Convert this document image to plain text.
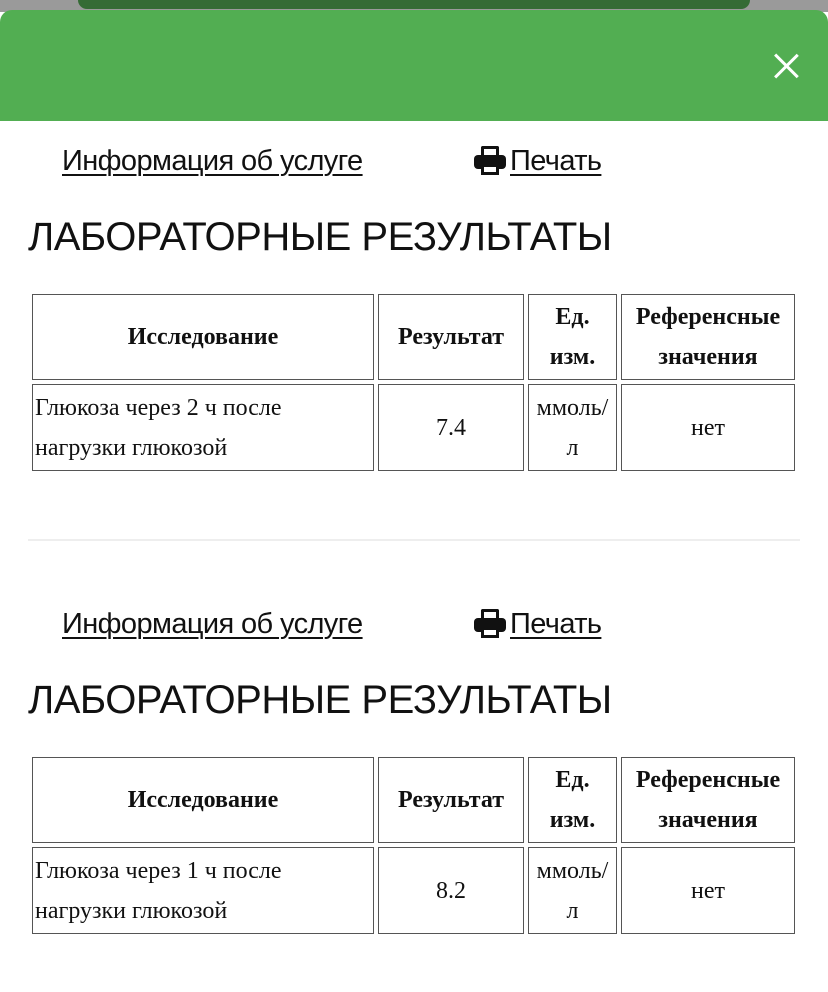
Информация об услуге	Печать
ЛАБОРАТОРНЫЕ РЕЗУЛЬТАТЫ
Исследование	Результат	Ед. изм.	Референсные значения
Глюкоза через 2 ч после нагрузки глюкозой	7.4	ммоль/л	нет
Информация об услуге	Печать
ЛАБОРАТОРНЫЕ РЕЗУЛЬТАТЫ
Исследование	Результат	Ед. изм.	Референсные значения
Глюкоза через 1 ч после нагрузки глюкозой	8.2	ммоль/л	нет
